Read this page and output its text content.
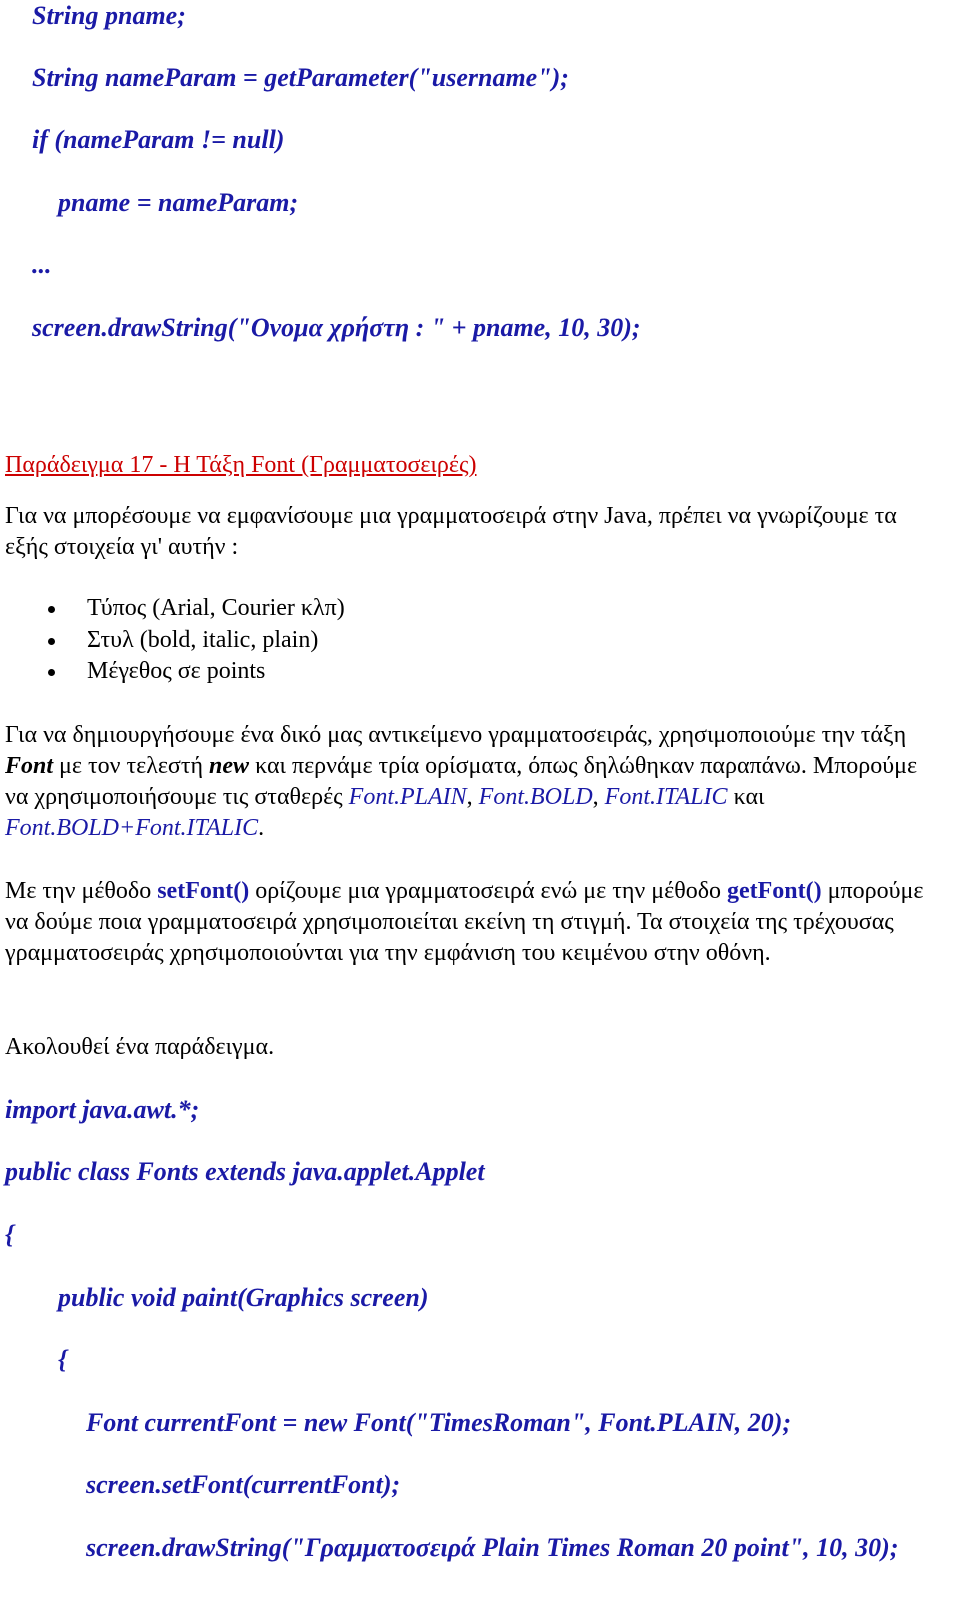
String pname;
String nameParam = getParameter("username");
if (nameParam != null)
pname = nameParam;
...
screen.drawString("Ονομα χρήστη : " + pname, 10, 30);
Παράδειγμα 17 - Η Τάξη Font (Γραμματοσειρές)
Για να μπορέσουμε να εμφανίσουμε μια γραμματοσειρά στην Java, πρέπει να γνωρίζουμε τα εξής στοιχεία γι' αυτήν :
Τύπος (Arial, Courier κλπ)
Στυλ (bold, italic, plain)
Μέγεθος σε points
Για να δημιουργήσουμε ένα δικό μας αντικείμενο γραμματοσειράς, χρησιμοποιούμε την τάξη Font με τον τελεστή new και περνάμε τρία ορίσματα, όπως δηλώθηκαν παραπάνω. Μπορούμε να χρησιμοποιήσουμε τις σταθερές Font.PLAIN, Font.BOLD, Font.ITALIC και Font.BOLD+Font.ITALIC.
Με την μέθοδο setFont() ορίζουμε μια γραμματοσειρά ενώ με την μέθοδο getFont() μπορούμε να δούμε ποια γραμματοσειρά χρησιμοποιείται εκείνη τη στιγμή. Τα στοιχεία της τρέχουσας γραμματοσειράς χρησιμοποιούνται για την εμφάνιση του κειμένου στην οθόνη.
Ακολουθεί ένα παράδειγμα.
import java.awt.*;
public class Fonts extends java.applet.Applet
{
public void paint(Graphics screen)
{
Font currentFont = new Font("TimesRoman", Font.PLAIN, 20);
screen.setFont(currentFont);
screen.drawString("Γραμματοσειρά Plain Times Roman 20 point", 10, 30);
